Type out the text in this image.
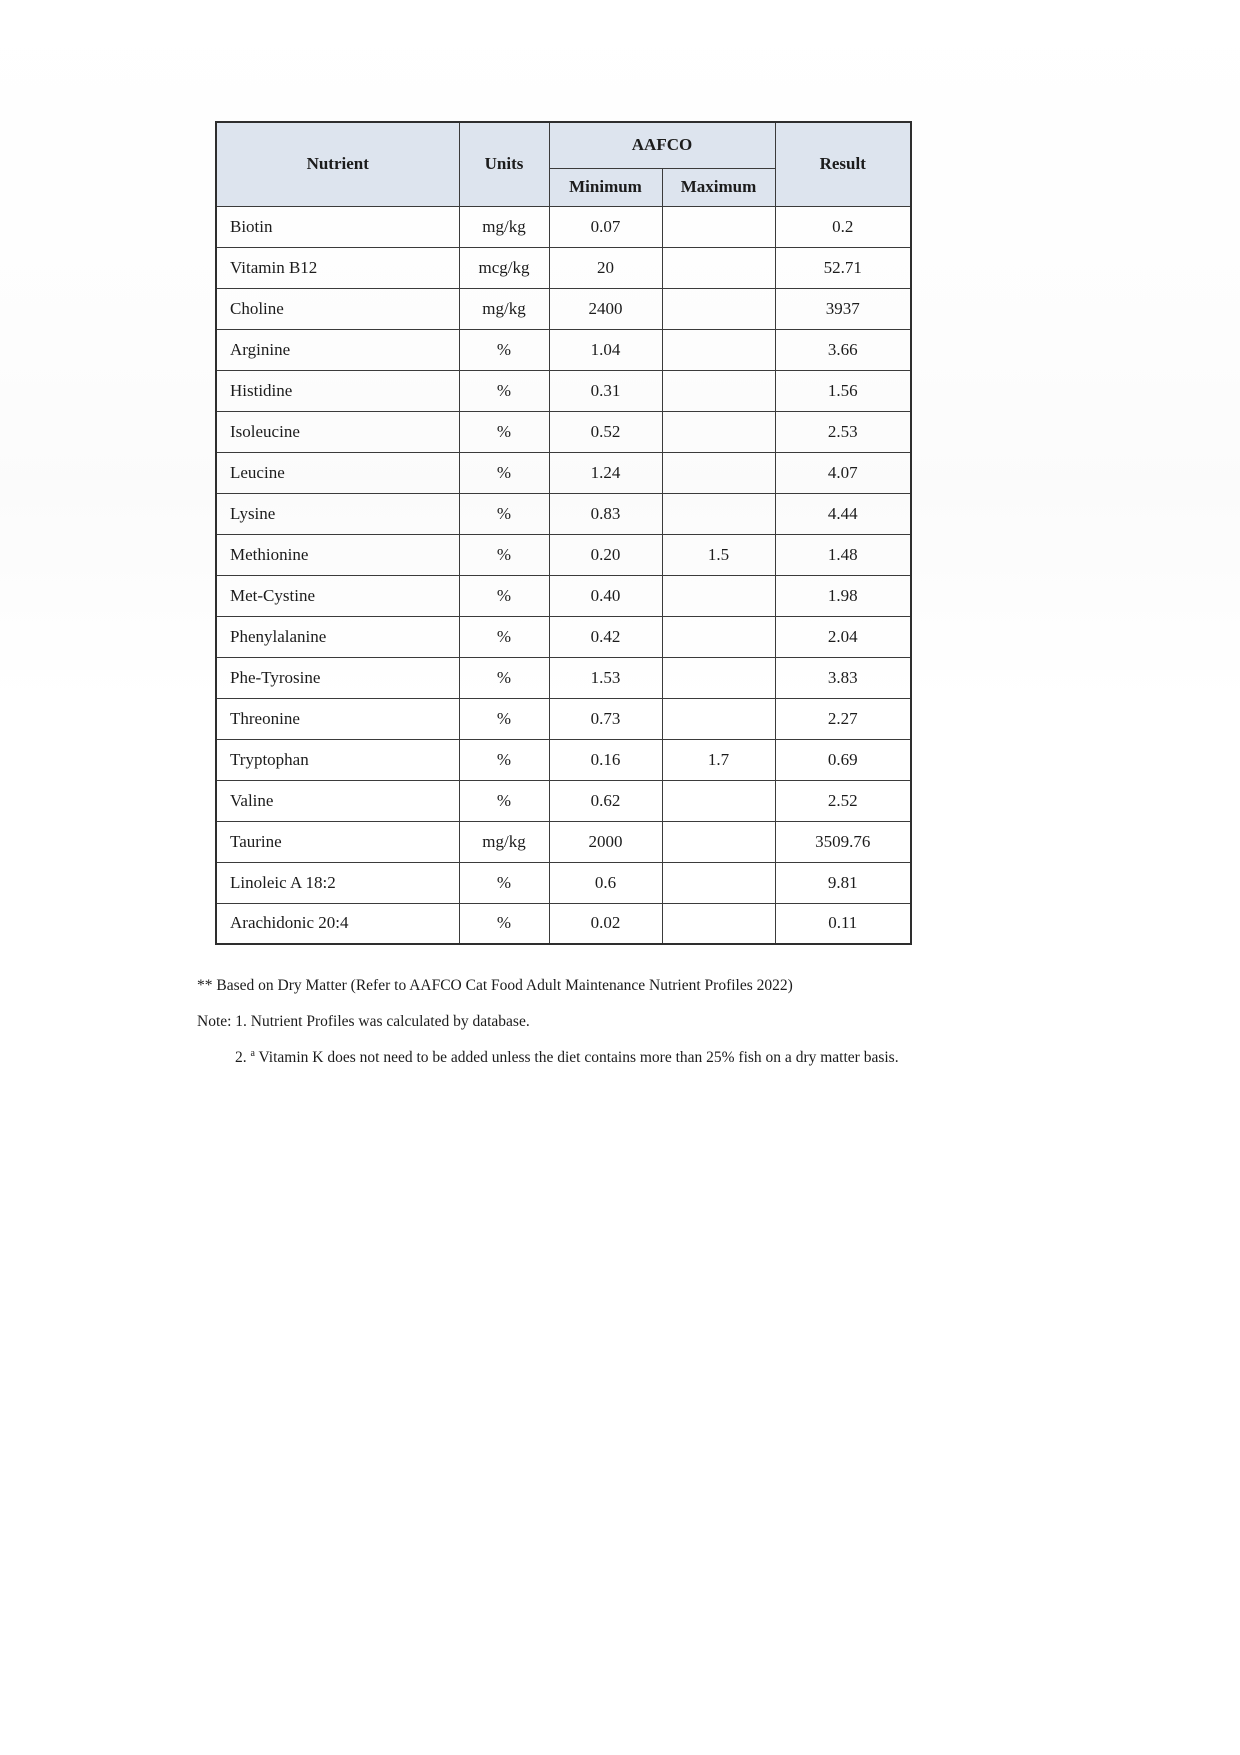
Nutrient	Units	AAFCO		Result
		Minimum	Maximum	
Biotin	mg/kg	0.07		0.2
Vitamin B12	mcg/kg	20		52.71
Choline	mg/kg	2400		3937
Arginine	%	1.04		3.66
Histidine	%	0.31		1.56
Isoleucine	%	0.52		2.53
Leucine	%	1.24		4.07
Lysine	%	0.83		4.44
Methionine	%	0.20	1.5	1.48
Met-Cystine	%	0.40		1.98
Phenylalanine	%	0.42		2.04
Phe-Tyrosine	%	1.53		3.83
Threonine	%	0.73		2.27
Tryptophan	%	0.16	1.7	0.69
Valine	%	0.62		2.52
Taurine	mg/kg	2000		3509.76
Linoleic A 18:2	%	0.6		9.81
Arachidonic 20:4	%	0.02		0.11
** Based on Dry Matter (Refer to AAFCO Cat Food Adult Maintenance Nutrient Profiles 2022)
Note: 1. Nutrient Profiles was calculated by database.
2. $^a$ Vitamin K does not need to be added unless the diet contains more than 25% fish on a dry matter basis.
